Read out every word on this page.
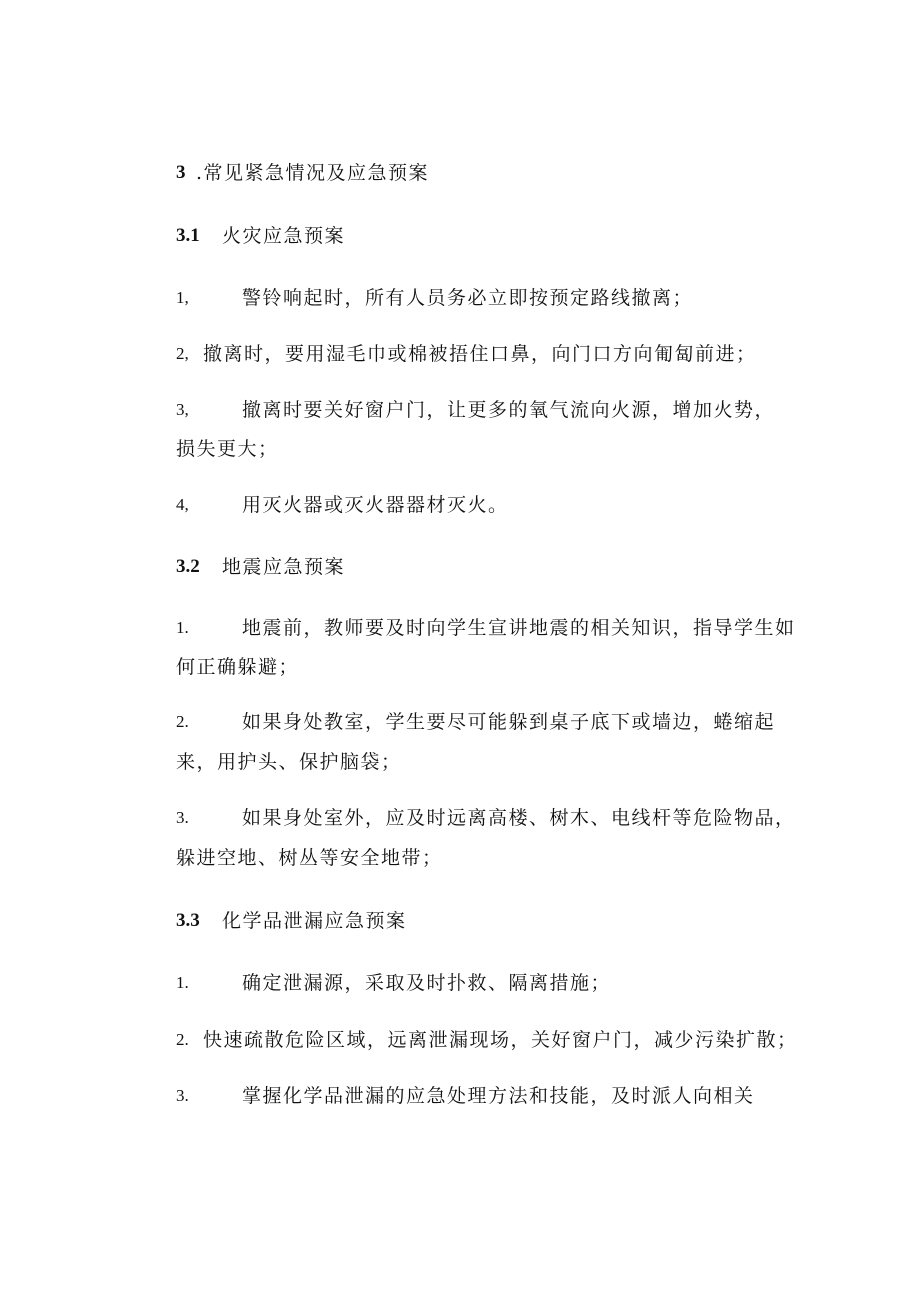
3 .常见紧急情况及应急预案
3.1 火灾应急预案
1,	警铃响起时，所有人员务必立即按预定路线撤离；
2, 撤离时，要用湿毛巾或棉被捂住口鼻，向门口方向匍匐前进；
3,	撤离时要关好窗户门，让更多的氧气流向火源，增加火势，
损失更大；
4,	用灭火器或灭火器器材灭火。
3.2 地震应急预案
1.	地震前，教师要及时向学生宣讲地震的相关知识，指导学生如
何正确躲避；
2.	如果身处教室，学生要尽可能躲到桌子底下或墙边，蜷缩起
来，用护头、保护脑袋；
3.	如果身处室外，应及时远离高楼、树木、电线杆等危险物品，
躲进空地、树丛等安全地带；
3.3 化学品泄漏应急预案
1.	确定泄漏源，采取及时扑救、隔离措施；
2. 快速疏散危险区域，远离泄漏现场，关好窗户门，减少污染扩散；
3.	掌握化学品泄漏的应急处理方法和技能，及时派人向相关
